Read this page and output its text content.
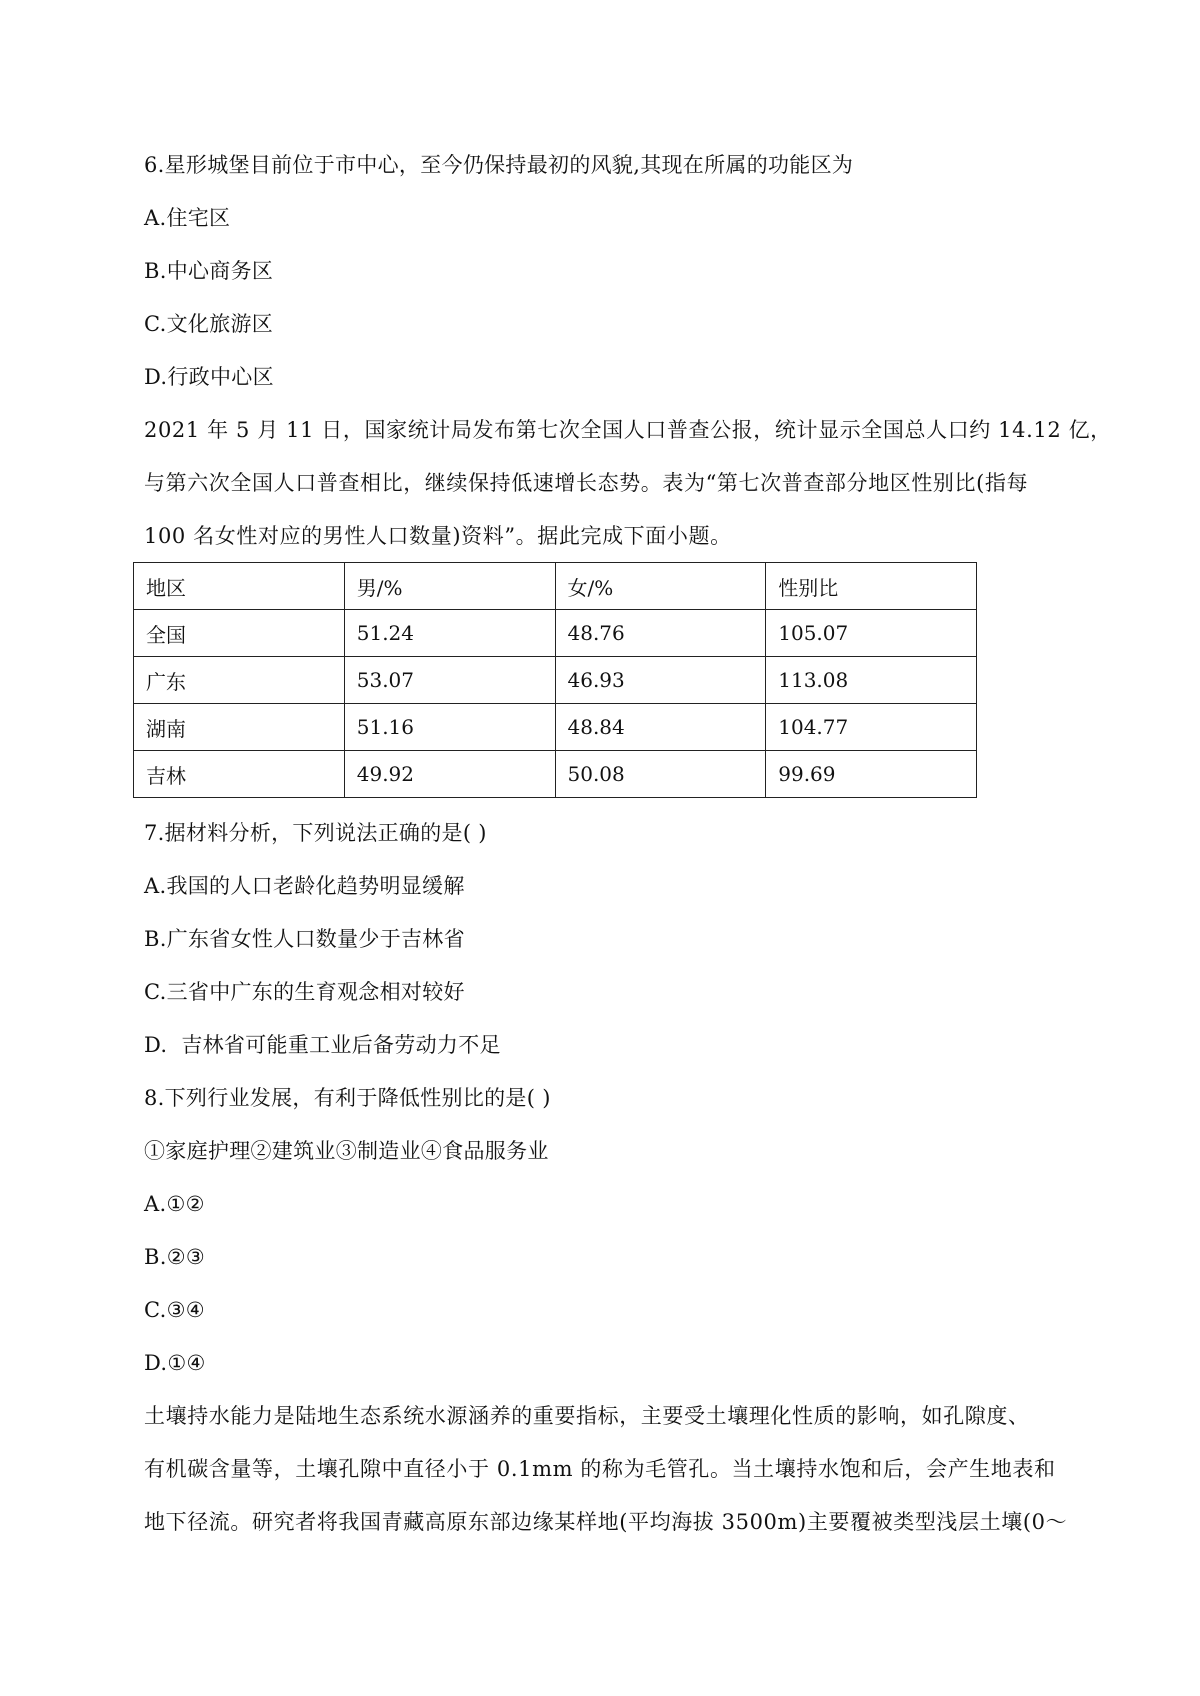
6.星形城堡目前位于市中心，至今仍保持最初的风貌,其现在所属的功能区为
A.住宅区
B.中心商务区
C.文化旅游区
D.行政中心区
2021 年 5 月 11 日，国家统计局发布第七次全国人口普查公报，统计显示全国总人口约 14.12 亿，
与第六次全国人口普查相比，继续保持低速增长态势。表为“第七次普查部分地区性别比(指每
100 名女性对应的男性人口数量)资料”。据此完成下面小题。
地区	男/%	女/%	性别比
全国	51.24	48.76	105.07
广东	53.07	46.93	113.08
湖南	51.16	48.84	104.77
吉林	49.92	50.08	99.69
7.据材料分析，下列说法正确的是( )
A.我国的人口老龄化趋势明显缓解
B.广东省女性人口数量少于吉林省
C.三省中广东的生育观念相对较好
D.  吉林省可能重工业后备劳动力不足
8.下列行业发展，有利于降低性别比的是( )
①家庭护理②建筑业③制造业④食品服务业
A.①②
B.②③
C.③④
D.①④
土壤持水能力是陆地生态系统水源涵养的重要指标，主要受土壤理化性质的影响，如孔隙度、
有机碳含量等，土壤孔隙中直径小于 0.1mm 的称为毛管孔。当土壤持水饱和后，会产生地表和
地下径流。研究者将我国青藏高原东部边缘某样地(平均海拔 3500m)主要覆被类型浅层土壤(0～
